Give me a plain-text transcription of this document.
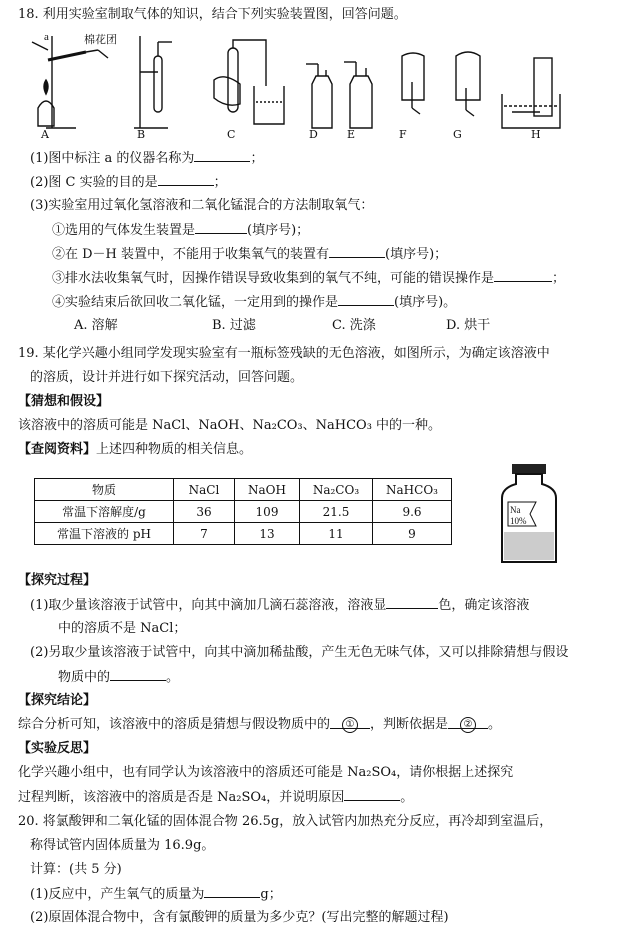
18. 利用实验室制取气体的知识，结合下列实验装置图，回答问题。
a	棉花团
A	B	C	D	E	F	G	H
(1)图中标注 a 的仪器名称为	；
(2)图 C 实验的目的是	；
(3)实验室用过氧化氢溶液和二氧化锰混合的方法制取氧气：
①选用的气体发生装置是	(填序号)；
②在 D－H 装置中，不能用于收集氧气的装置有	(填序号)；
③排水法收集氧气时，因操作错误导致收集到的氧气不纯，可能的错误操作是	；
④实验结束后欲回收二氧化锰，一定用到的操作是	(填序号)。
A. 溶解	B. 过滤	C. 洗涤	D. 烘干
19. 某化学兴趣小组同学发现实验室有一瓶标签残缺的无色溶液，如图所示，为确定该溶液中
的溶质，设计并进行如下探究活动，回答问题。
【猜想和假设】
该溶液中的溶质可能是 NaCl、NaOH、Na₂CO₃、NaHCO₃ 中的一种。
【查阅资料】上述四种物质的相关信息。
物质	NaCl	NaOH	Na₂CO₃	NaHCO₃
常温下溶解度/g	36	109	21.5	9.6
常温下溶液的 pH	7	13	11	9
Na
10%
【探究过程】
(1)取少量该溶液于试管中，向其中滴加几滴石蕊溶液，溶液显	色，确定该溶液
中的溶质不是 NaCl；
(2)另取少量该溶液于试管中，向其中滴加稀盐酸，产生无色无味气体，又可以排除猜想与假设
物质中的	。
【探究结论】
综合分析可知，该溶液中的溶质是猜想与假设物质中的 ① ，判断依据是 ② 。
【实验反思】
化学兴趣小组中，也有同学认为该溶液中的溶质还可能是 Na₂SO₄，请你根据上述探究
过程判断，该溶液中的溶质是否是 Na₂SO₄，并说明原因	。
20. 将氯酸钾和二氧化锰的固体混合物 26.5g，放入试管内加热充分反应，再冷却到室温后，
称得试管内固体质量为 16.9g。
计算：(共 5 分)
(1)反应中，产生氧气的质量为	g；
(2)原固体混合物中，含有氯酸钾的质量为多少克？(写出完整的解题过程)
